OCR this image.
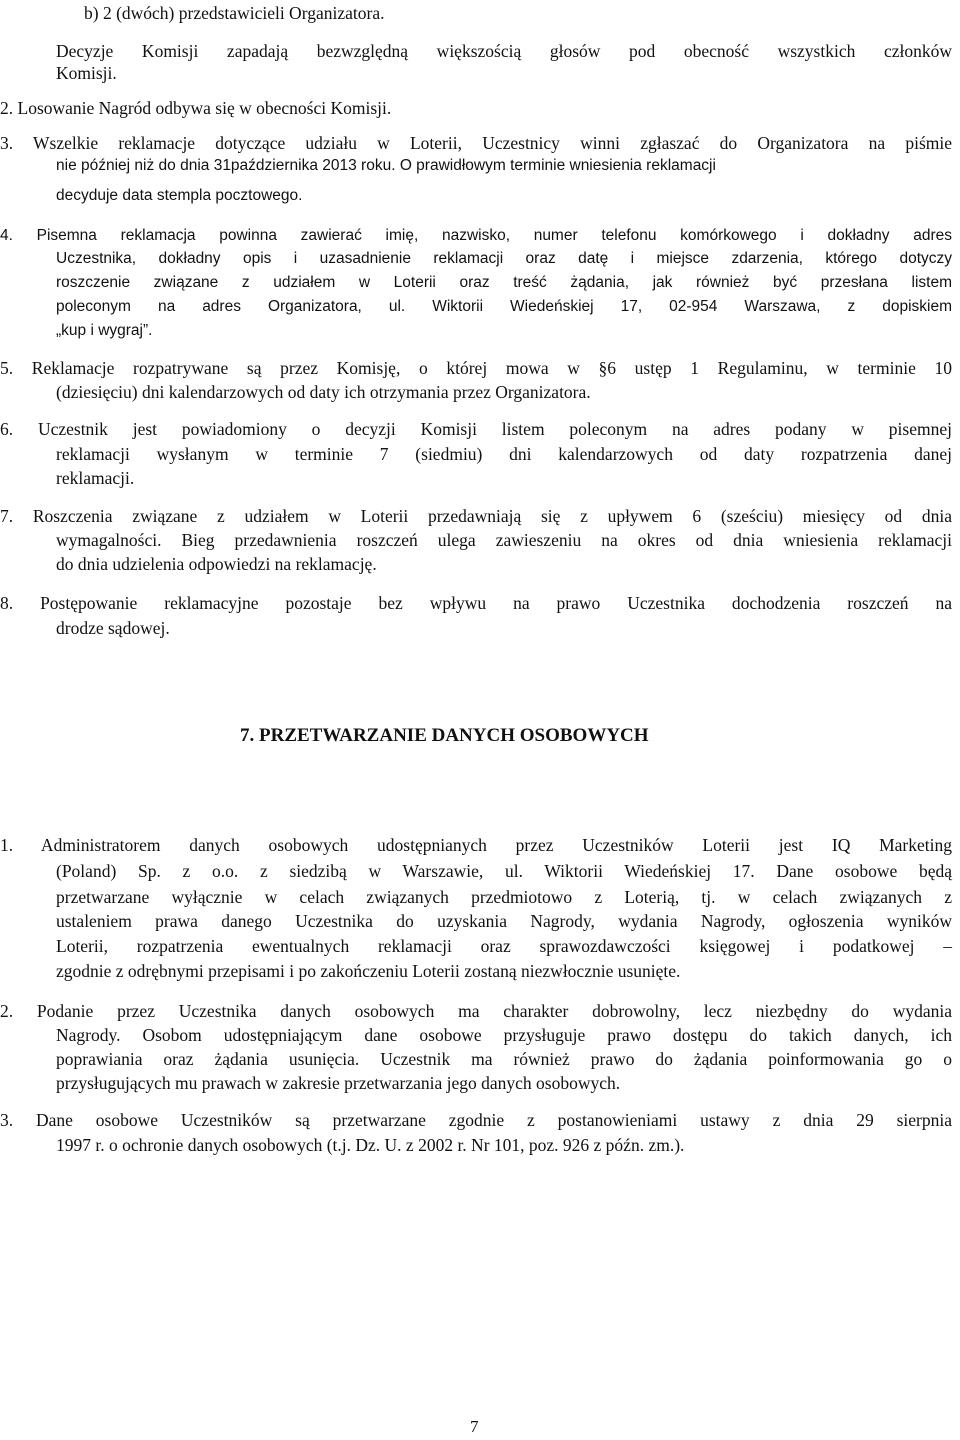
b) 2 (dwóch) przedstawicieli Organizatora.
Decyzje Komisji zapadają bezwzględną większością głosów pod obecność wszystkich członków
Komisji.
2. Losowanie Nagród odbywa się w obecności Komisji.
3. Wszelkie reklamacje dotyczące udziału w Loterii, Uczestnicy winni zgłaszać do Organizatora na piśmie
nie później niż do dnia 31października 2013 roku. O prawidłowym terminie wniesienia reklamacji
decyduje data stempla pocztowego.
4. Pisemna reklamacja powinna zawierać imię, nazwisko, numer telefonu komórkowego i dokładny adres
Uczestnika, dokładny opis i uzasadnienie reklamacji oraz datę i miejsce zdarzenia, którego dotyczy
roszczenie związane z udziałem w Loterii oraz treść żądania, jak również być przesłana listem
poleconym na adres Organizatora, ul. Wiktorii Wiedeńskiej 17, 02-954 Warszawa, z dopiskiem
„kup i wygraj”.
5. Reklamacje rozpatrywane są przez Komisję, o której mowa w §6 ustęp 1 Regulaminu, w terminie 10
(dziesięciu) dni kalendarzowych od daty ich otrzymania przez Organizatora.
6. Uczestnik jest powiadomiony o decyzji Komisji listem poleconym na adres podany w pisemnej
reklamacji wysłanym w terminie 7 (siedmiu) dni kalendarzowych od daty rozpatrzenia danej
reklamacji.
7. Roszczenia związane z udziałem w Loterii przedawniają się z upływem 6 (sześciu) miesięcy od dnia
wymagalności. Bieg przedawnienia roszczeń ulega zawieszeniu na okres od dnia wniesienia reklamacji
do dnia udzielenia odpowiedzi na reklamację.
8. Postępowanie reklamacyjne pozostaje bez wpływu na prawo Uczestnika dochodzenia roszczeń na
drodze sądowej.
7. PRZETWARZANIE DANYCH OSOBOWYCH
1. Administratorem danych osobowych udostępnianych przez Uczestników Loterii jest IQ Marketing
(Poland) Sp. z o.o. z siedzibą w Warszawie, ul. Wiktorii Wiedeńskiej 17. Dane osobowe będą
przetwarzane wyłącznie w celach związanych przedmiotowo z Loterią, tj. w celach związanych z
ustaleniem prawa danego Uczestnika do uzyskania Nagrody, wydania Nagrody, ogłoszenia wyników
Loterii, rozpatrzenia ewentualnych reklamacji oraz sprawozdawczości księgowej i podatkowej –
zgodnie z odrębnymi przepisami i po zakończeniu Loterii zostaną niezwłocznie usunięte.
2. Podanie przez Uczestnika danych osobowych ma charakter dobrowolny, lecz niezbędny do wydania
Nagrody. Osobom udostępniającym dane osobowe przysługuje prawo dostępu do takich danych, ich
poprawiania oraz żądania usunięcia. Uczestnik ma również prawo do żądania poinformowania go o
przysługujących mu prawach w zakresie przetwarzania jego danych osobowych.
3. Dane osobowe Uczestników są przetwarzane zgodnie z postanowieniami ustawy z dnia 29 sierpnia
1997 r. o ochronie danych osobowych (t.j. Dz. U. z 2002 r. Nr 101, poz. 926 z późn. zm.).
7
